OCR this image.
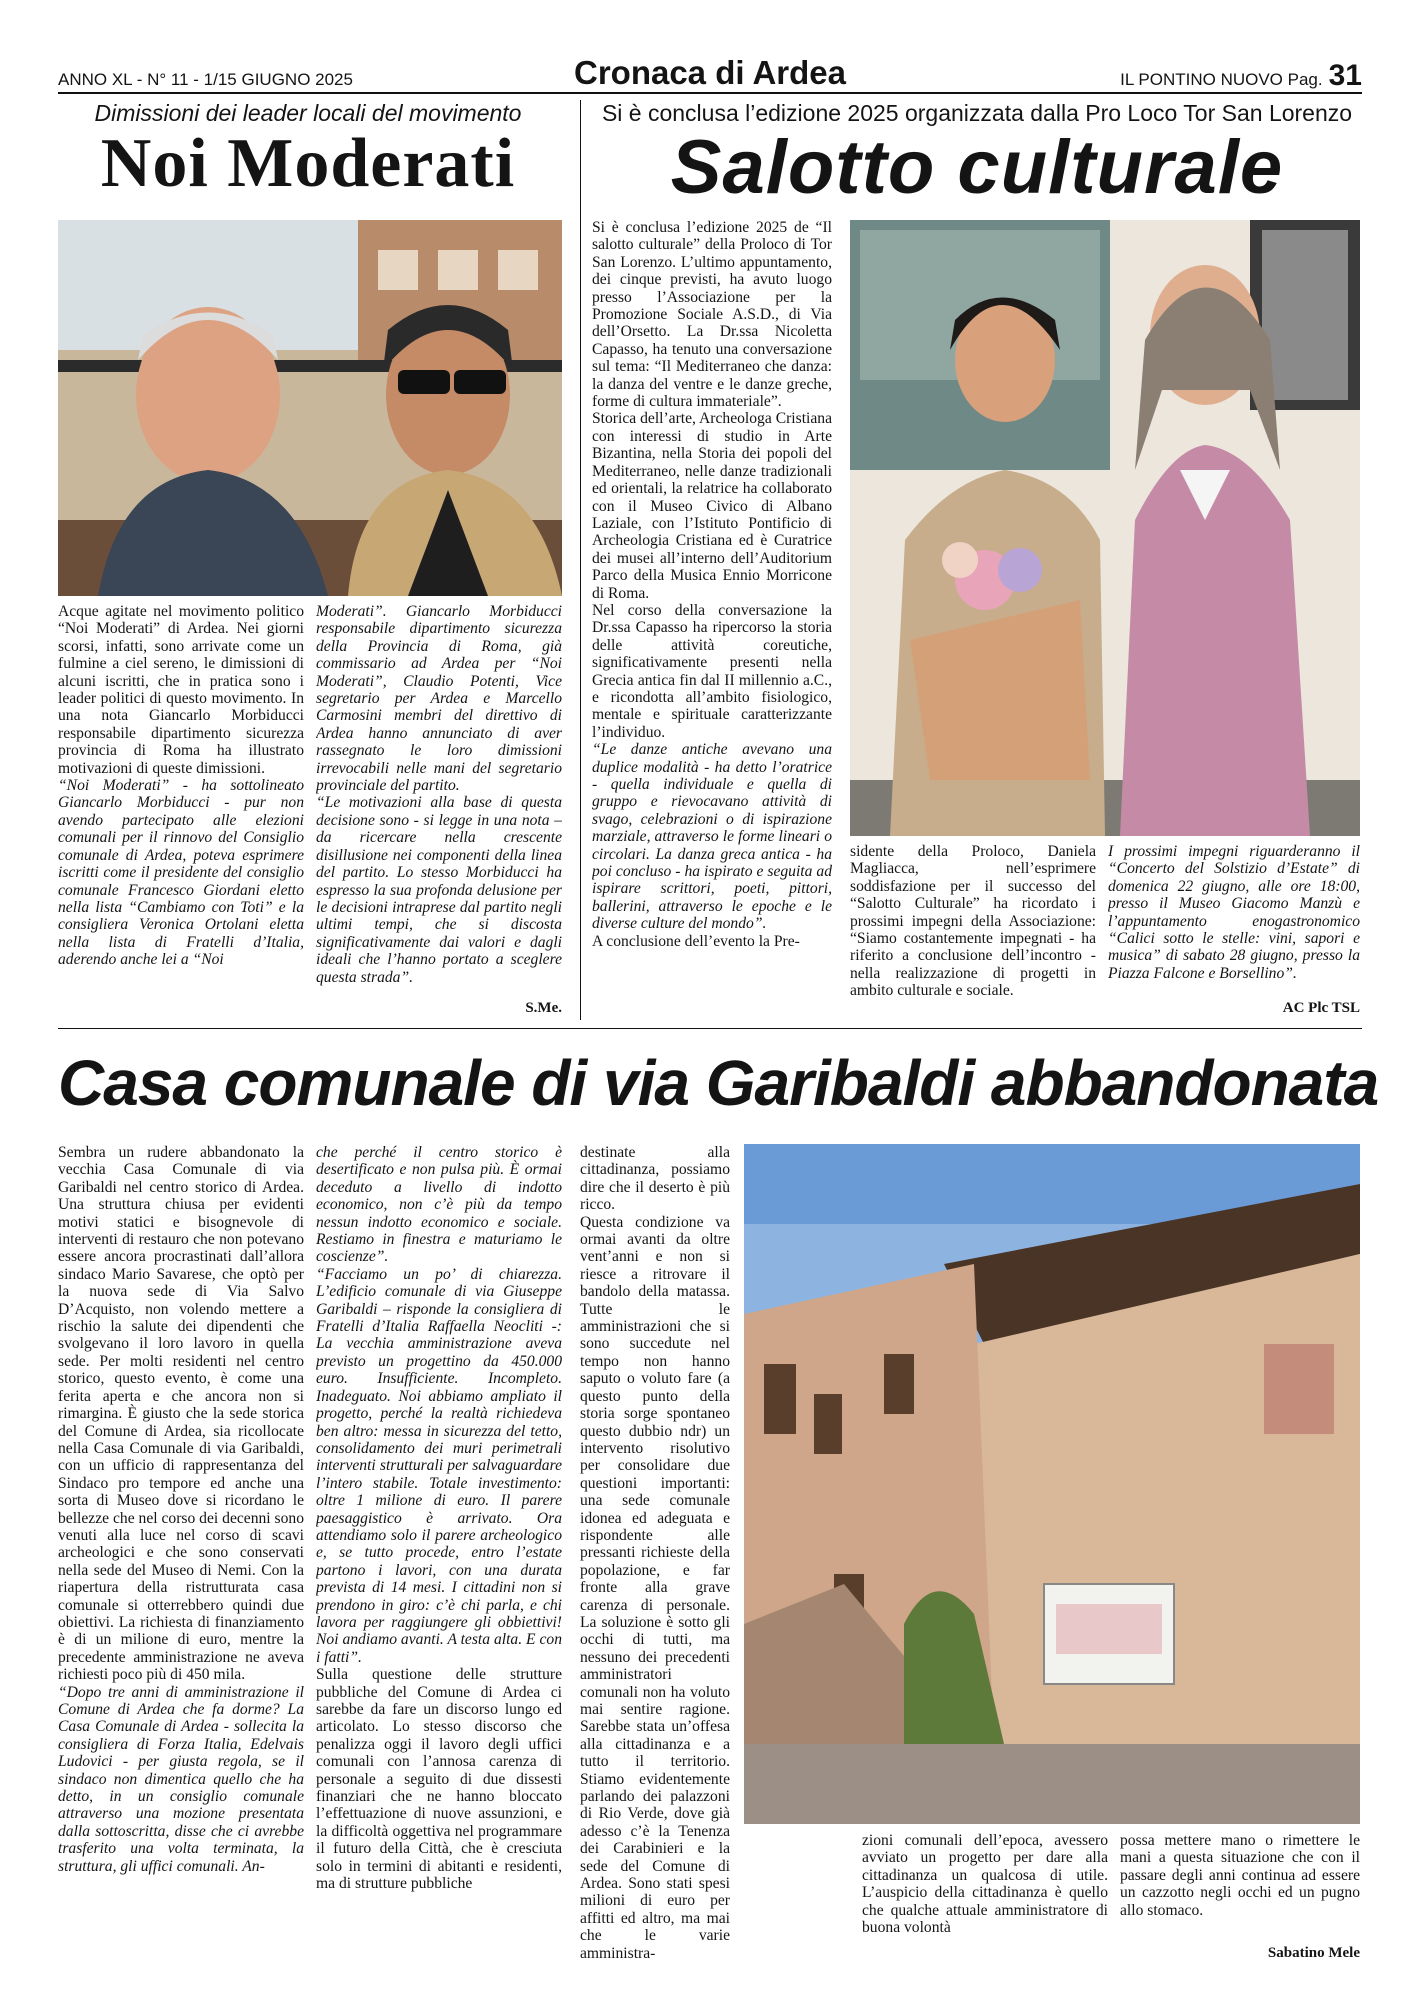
ANNO XL - N° 11 - 1/15 GIUGNO 2025	Cronaca di Ardea	IL PONTINO NUOVO Pag. 31
Dimissioni dei leader locali del movimento
Noi Moderati

Acque agitate nel movimento politico “Noi Moderati” di Ardea. Nei giorni scorsi, infatti, sono arrivate come un fulmine a ciel sereno, le dimissioni di alcuni iscritti, che in pratica sono i leader politici di questo movimento. In una nota Giancarlo Morbiducci responsabile dipartimento sicurezza provincia di Roma ha illustrato motivazioni di queste dimissioni.

“Noi Moderati” - ha sottolineato Giancarlo Morbiducci - pur non avendo partecipato alle elezioni comunali per il rinnovo del Consiglio comunale di Ardea, poteva esprimere iscritti come il presidente del consiglio comunale Francesco Giordani eletto nella lista “Cambiamo con Toti” e la consigliera Veronica Ortolani eletta nella lista di Fratelli d’Italia, aderendo anche lei a “Noi

Moderati”. Giancarlo Morbiducci responsabile dipartimento sicurezza della Provincia di Roma, già commissario ad Ardea per “Noi Moderati”, Claudio Potenti, Vice segretario per Ardea e Marcello Carmosini membri del direttivo di Ardea hanno annunciato di aver rassegnato le loro dimissioni irrevocabili nelle mani del segretario provinciale del partito.

“Le motivazioni alla base di questa decisione sono - si legge in una nota – da ricercare nella crescente disillusione nei componenti della linea del partito. Lo stesso Morbiducci ha espresso la sua profonda delusione per le decisioni intraprese dal partito negli ultimi tempi, che si discosta significativamente dai valori e dagli ideali che l’hanno portato a sceglere questa strada”.

S.Me.
Si è conclusa l’edizione 2025 organizzata dalla Pro Loco Tor San Lorenzo
Salotto culturale

Si è conclusa l’edizione 2025 de “Il salotto culturale” della Proloco di Tor San Lorenzo. L’ultimo appuntamento, dei cinque previsti, ha avuto luogo presso l’Associazione per la Promozione Sociale A.S.D., di Via dell’Orsetto. La Dr.ssa Nicoletta Capasso, ha tenuto una conversazione sul tema: “Il Mediterraneo che danza: la danza del ventre e le danze greche, forme di cultura immateriale”.

Storica dell’arte, Archeologa Cristiana con interessi di studio in Arte Bizantina, nella Storia dei popoli del Mediterraneo, nelle danze tradizionali ed orientali, la relatrice ha collaborato con il Museo Civico di Albano Laziale, con l’Istituto Pontificio di Archeologia Cristiana ed è Curatrice dei musei all’interno dell’Auditorium Parco della Musica Ennio Morricone di Roma.

Nel corso della conversazione la Dr.ssa Capasso ha ripercorso la storia delle attività coreutiche, significativamente presenti nella Grecia antica fin dal II millennio a.C., e ricondotta all’ambito fisiologico, mentale e spirituale caratterizzante l’individuo.

“Le danze antiche avevano una duplice modalità - ha detto l’oratrice - quella individuale e quella di gruppo e rievocavano attività di svago, celebrazioni o di ispirazione marziale, attraverso le forme lineari o circolari. La danza greca antica - ha poi concluso - ha ispirato e seguita ad ispirare scrittori, poeti, pittori, ballerini, attraverso le epoche e le diverse culture del mondo”.

A conclusione dell’evento la Pre-

sidente della Proloco, Daniela Magliacca, nell’esprimere soddisfazione per il successo del “Salotto Culturale” ha ricordato i prossimi impegni della Associazione: “Siamo costantemente impegnati - ha riferito a conclusione dell’incontro - nella realizzazione di progetti in ambito culturale e sociale.

I prossimi impegni riguarderanno il “Concerto del Solstizio d’Estate” di domenica 22 giugno, alle ore 18:00, presso il Museo Giacomo Manzù e l’appuntamento enogastronomico “Calici sotto le stelle: vini, sapori e musica” di sabato 28 giugno, presso la Piazza Falcone e Borsellino”.

AC Plc TSL
Casa comunale di via Garibaldi abbandonata

Sembra un rudere abbandonato la vecchia Casa Comunale di via Garibaldi nel centro storico di Ardea. Una struttura chiusa per evidenti motivi statici e bisognevole di interventi di restauro che non potevano essere ancora procrastinati dall’allora sindaco Mario Savarese, che optò per la nuova sede di Via Salvo D’Acquisto, non volendo mettere a rischio la salute dei dipendenti che svolgevano il loro lavoro in quella sede. Per molti residenti nel centro storico, questo evento, è come una ferita aperta e che ancora non si rimargina. È giusto che la sede storica del Comune di Ardea, sia ricollocate nella Casa Comunale di via Garibaldi, con un ufficio di rappresentanza del Sindaco pro tempore ed anche una sorta di Museo dove si ricordano le bellezze che nel corso dei decenni sono venuti alla luce nel corso di scavi archeologici e che sono conservati nella sede del Museo di Nemi. Con la riapertura della ristrutturata casa comunale si otterrebbero quindi due obiettivi. La richiesta di finanziamento è di un milione di euro, mentre la precedente amministrazione ne aveva richiesti poco più di 450 mila.

“Dopo tre anni di amministrazione il Comune di Ardea che fa dorme? La Casa Comunale di Ardea - sollecita la consigliera di Forza Italia, Edelvais Ludovici - per giusta regola, se il sindaco non dimentica quello che ha detto, in un consiglio comunale attraverso una mozione presentata dalla sottoscritta, disse che ci avrebbe trasferito una volta terminata, la struttura, gli uffici comunali. An-

che perché il centro storico è desertificato e non pulsa più. È ormai deceduto a livello di indotto economico, non c’è più da tempo nessun indotto economico e sociale. Restiamo in finestra e maturiamo le coscienze”.

“Facciamo un po’ di chiarezza. L’edificio comunale di via Giuseppe Garibaldi – risponde la consigliera di Fratelli d’Italia Raffaella Neocliti -: La vecchia amministrazione aveva previsto un progettino da 450.000 euro. Insufficiente. Incompleto. Inadeguato. Noi abbiamo ampliato il progetto, perché la realtà richiedeva ben altro: messa in sicurezza del tetto, consolidamento dei muri perimetrali interventi strutturali per salvaguardare l’intero stabile. Totale investimento: oltre 1 milione di euro. Il parere paesaggistico è arrivato. Ora attendiamo solo il parere archeologico e, se tutto procede, entro l’estate partono i lavori, con una durata prevista di 14 mesi. I cittadini non si prendono in giro: c’è chi parla, e chi lavora per raggiungere gli obbiettivi! Noi andiamo avanti. A testa alta. E con i fatti”.

Sulla questione delle strutture pubbliche del Comune di Ardea ci sarebbe da fare un discorso lungo ed articolato. Lo stesso discorso che penalizza oggi il lavoro degli uffici comunali con l’annosa carenza di personale a seguito di due dissesti finanziari che ne hanno bloccato l’effettuazione di nuove assunzioni, e la difficoltà oggettiva nel programmare il futuro della Città, che è cresciuta solo in termini di abitanti e residenti, ma di strutture pubbliche

destinate alla cittadinanza, possiamo dire che il deserto è più ricco.

Questa condizione va ormai avanti da oltre vent’anni e non si riesce a ritrovare il bandolo della matassa. Tutte le amministrazioni che si sono succedute nel tempo non hanno saputo o voluto fare (a questo punto della storia sorge spontaneo questo dubbio ndr) un intervento risolutivo per consolidare due questioni importanti: una sede comunale idonea ed adeguata e rispondente alle pressanti richieste della popolazione, e far fronte alla grave carenza di personale. La soluzione è sotto gli occhi di tutti, ma nessuno dei precedenti amministratori comunali non ha voluto mai sentire ragione. Sarebbe stata un’offesa alla cittadinanza e a tutto il territorio. Stiamo evidentemente parlando dei palazzoni di Rio Verde, dove già adesso c’è la Tenenza dei Carabinieri e la sede del Comune di Ardea. Sono stati spesi milioni di euro per affitti ed altro, ma mai che le varie amministra-

zioni comunali dell’epoca, avessero avviato un progetto per dare alla cittadinanza un qualcosa di utile. L’auspicio della cittadinanza è quello che qualche attuale amministratore di buona volontà

possa mettere mano o rimettere le mani a questa situazione che con il passare degli anni continua ad essere un cazzotto negli occhi ed un pugno allo stomaco.

Sabatino Mele
